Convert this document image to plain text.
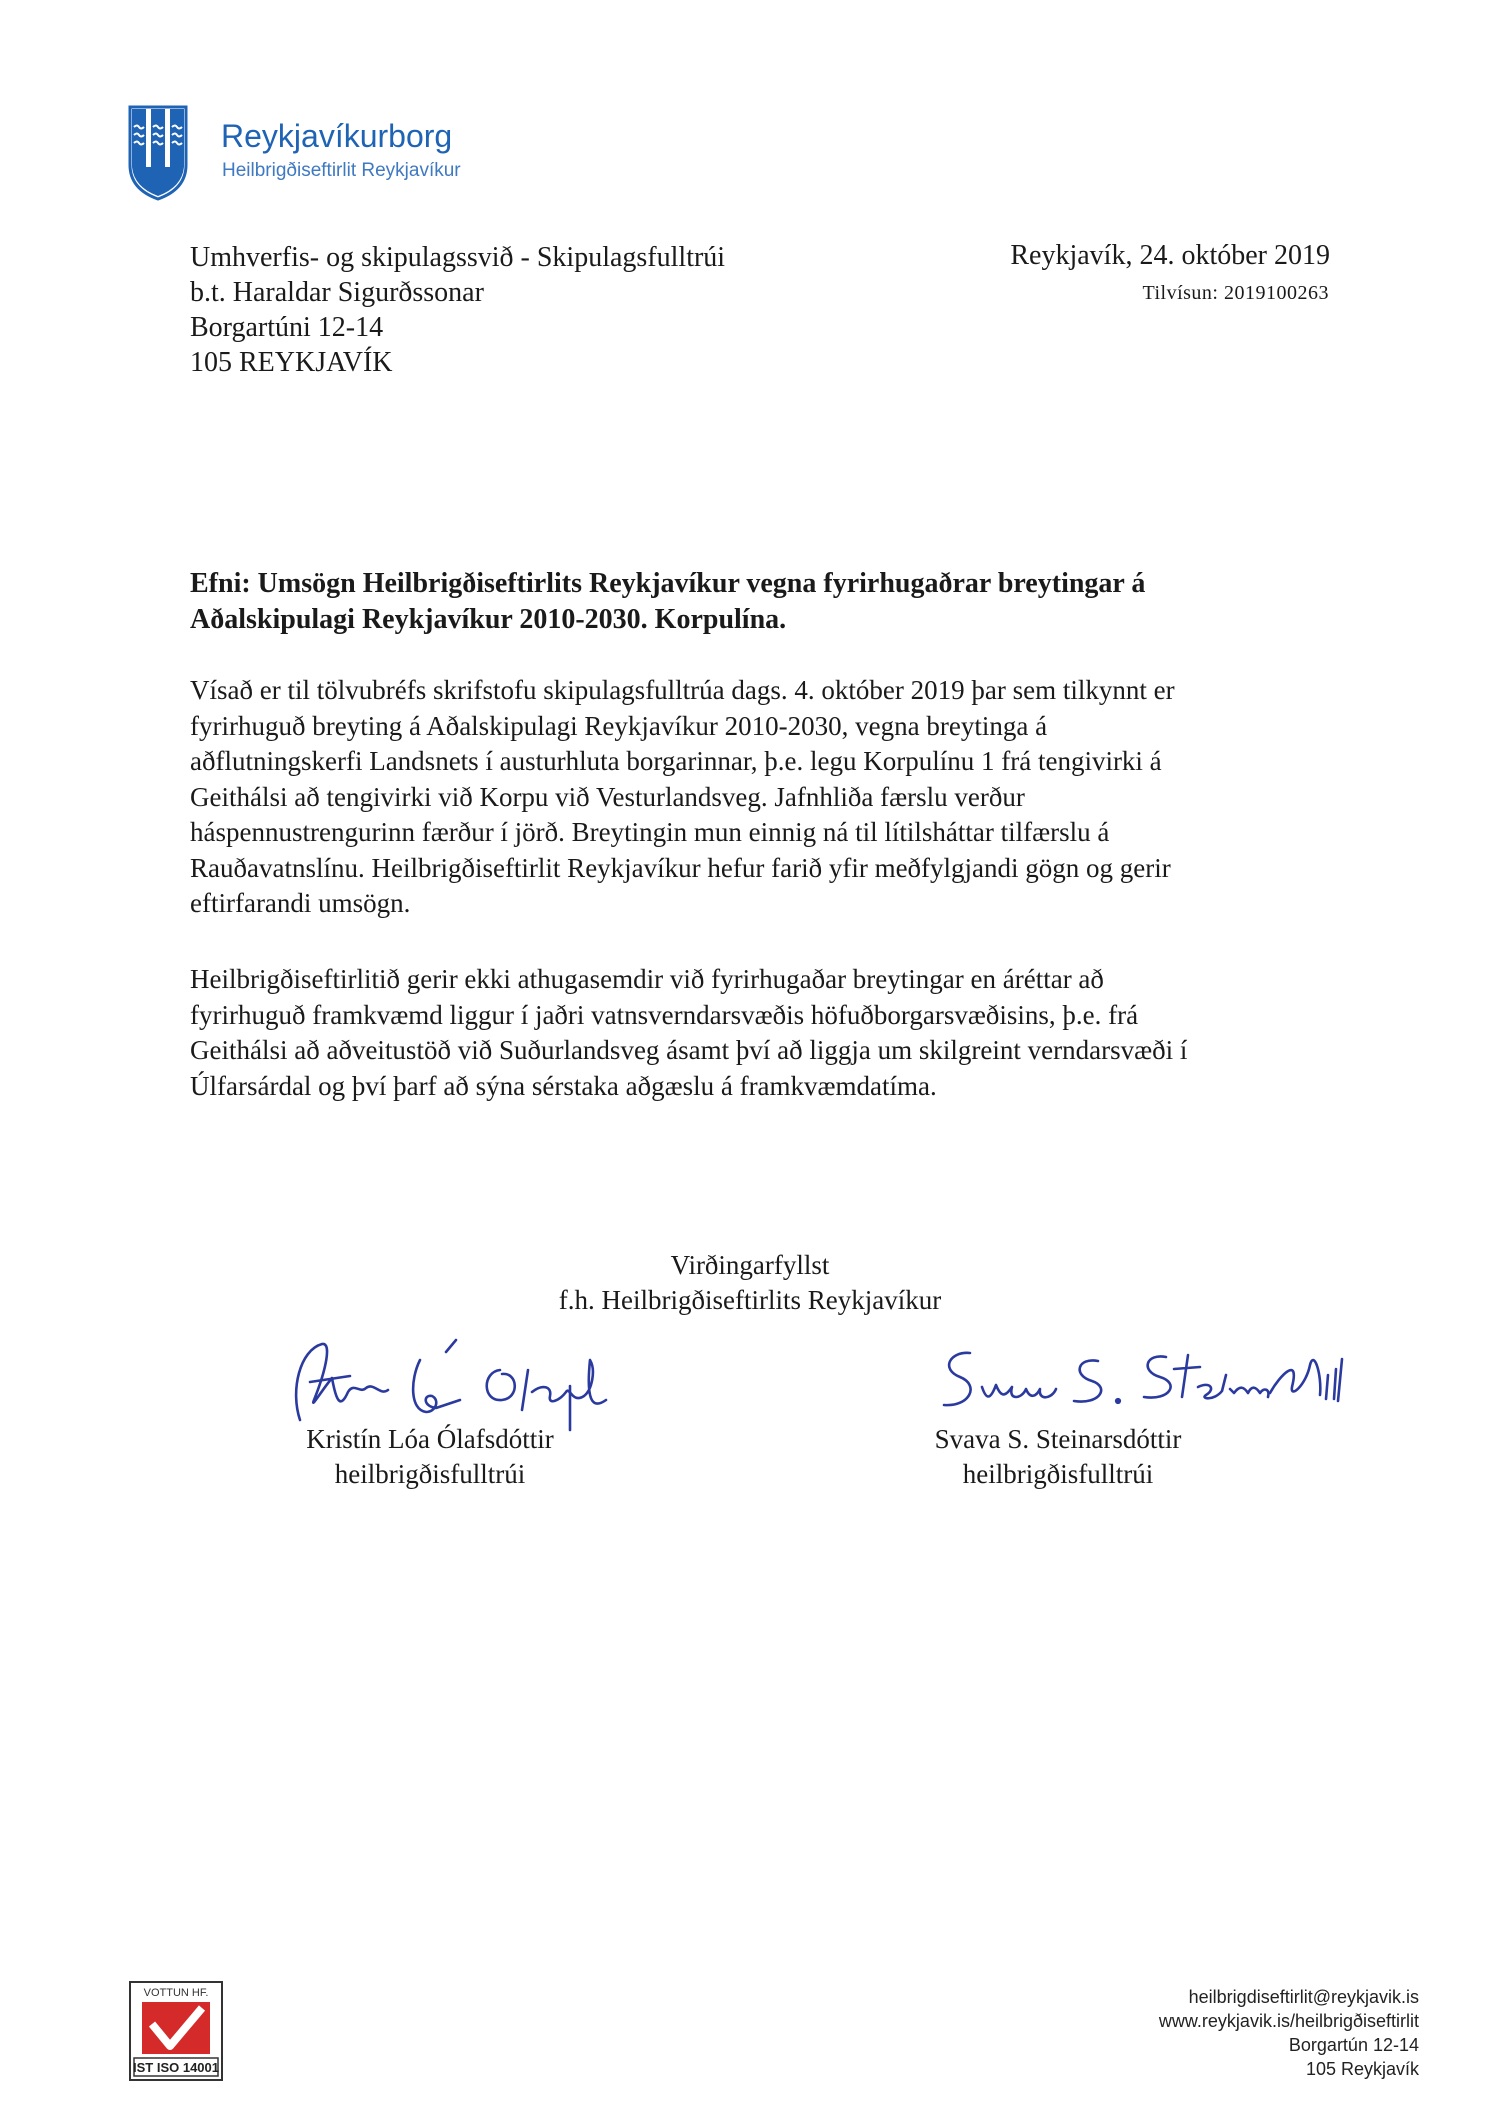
Reykjavíkurborg
Heilbrigðiseftirlit Reykjavíkur
Umhverfis- og skipulagssvið - Skipulagsfulltrúi
b.t. Haraldar Sigurðssonar
Borgartúni 12-14
105 REYKJAVÍK
Reykjavík, 24. október 2019
Tilvísun: 2019100263
Efni: Umsögn Heilbrigðiseftirlits Reykjavíkur vegna fyrirhugaðrar breytingar á
Aðalskipulagi Reykjavíkur 2010-2030. Korpulína.
Vísað er til tölvubréfs skrifstofu skipulagsfulltrúa dags. 4. október 2019 þar sem tilkynnt er
fyrirhuguð breyting á Aðalskipulagi Reykjavíkur 2010-2030, vegna breytinga á
aðflutningskerfi Landsnets í austurhluta borgarinnar, þ.e. legu Korpulínu 1 frá tengivirki á
Geithálsi að tengivirki við Korpu við Vesturlandsveg. Jafnhliða færslu verður
háspennustrengurinn færður í jörð. Breytingin mun einnig ná til lítilsháttar tilfærslu á
Rauðavatnslínu. Heilbrigðiseftirlit Reykjavíkur hefur farið yfir meðfylgjandi gögn og gerir
eftirfarandi umsögn.
Heilbrigðiseftirlitið gerir ekki athugasemdir við fyrirhugaðar breytingar en áréttar að
fyrirhuguð framkvæmd liggur í jaðri vatnsverndarsvæðis höfuðborgarsvæðisins, þ.e. frá
Geithálsi að aðveitustöð við Suðurlandsveg ásamt því að liggja um skilgreint verndarsvæði í
Úlfarsárdal og því þarf að sýna sérstaka aðgæslu á framkvæmdatíma.
Virðingarfyllst
f.h. Heilbrigðiseftirlits Reykjavíkur
Kristín Lóa Ólafsdóttir
heilbrigðisfulltrúi
Svava S. Steinarsdóttir
heilbrigðisfulltrúi
VOTTUN HF.
IST ISO 14001
heilbrigdiseftirlit@reykjavik.is
www.reykjavik.is/heilbrigðiseftirlit
Borgartún 12-14
105 Reykjavík
